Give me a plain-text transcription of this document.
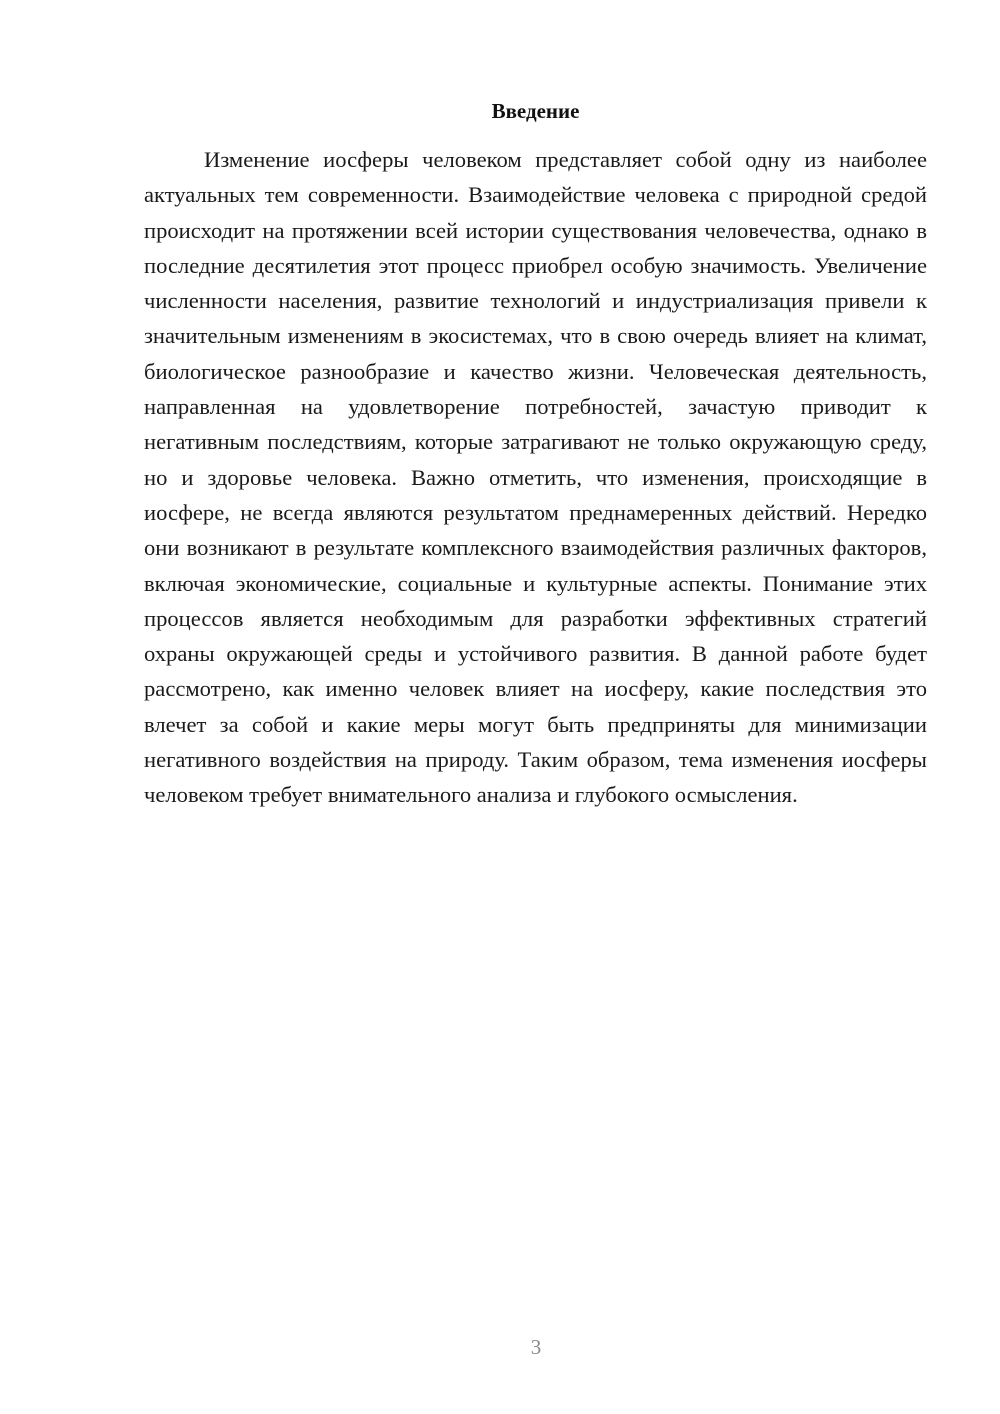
Введение

Изменение иосферы человеком представляет собой одну из наиболее актуальных тем современности. Взаимодействие человека с природной средой происходит на протяжении всей истории существования человечества, однако в последние десятилетия этот процесс приобрел особую значимость. Увеличение численности населения, развитие технологий и индустриализация привели к значительным изменениям в экосистемах, что в свою очередь влияет на климат, биологическое разнообразие и качество жизни. Человеческая деятельность, направленная на удовлетворение потребностей, зачастую приводит к негативным последствиям, которые затрагивают не только окружающую среду, но и здоровье человека. Важно отметить, что изменения, происходящие в иосфере, не всегда являются результатом преднамеренных действий. Нередко они возникают в результате комплексного взаимодействия различных факторов, включая экономические, социальные и культурные аспекты. Понимание этих процессов является необходимым для разработки эффективных стратегий охраны окружающей среды и устойчивого развития. В данной работе будет рассмотрено, как именно человек влияет на иосферу, какие последствия это влечет за собой и какие меры могут быть предприняты для минимизации негативного воздействия на природу. Таким образом, тема изменения иосферы человеком требует внимательного анализа и глубокого осмысления.

3
